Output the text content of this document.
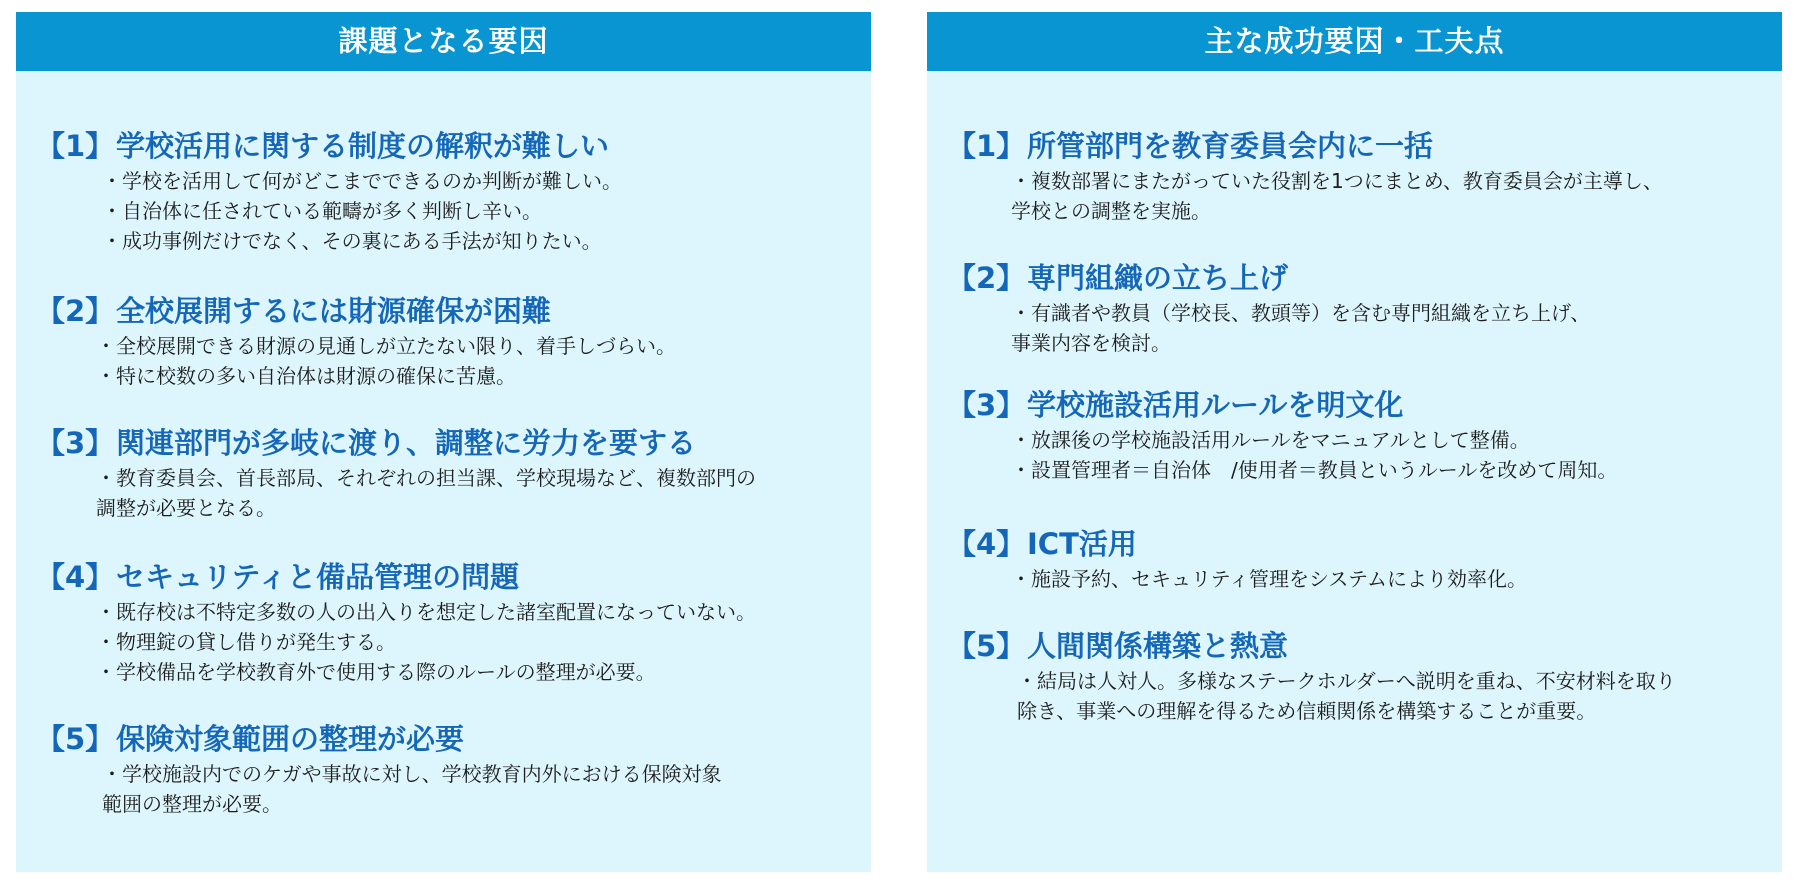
課題となる要因
【1】 学校活用に関する制度の解釈が難しい
・学校を活用して何がどこまでできるのか判断が難しい。
・自治体に任されている範疇が多く判断し辛い。
・成功事例だけでなく、その裏にある手法が知りたい。
【2】 全校展開するには財源確保が困難
・全校展開できる財源の見通しが立たない限り、着手しづらい。
・特に校数の多い自治体は財源の確保に苦慮。
【3】 関連部門が多岐に渡り、調整に労力を要する
・教育委員会、首長部局、それぞれの担当課、学校現場など、複数部門の
調整が必要となる。
【4】 セキュリティと備品管理の問題
・既存校は不特定多数の人の出入りを想定した諸室配置になっていない。
・物理錠の貸し借りが発生する。
・学校備品を学校教育外で使用する際のルールの整理が必要。
【5】 保険対象範囲の整理が必要
・学校施設内でのケガや事故に対し、学校教育内外における保険対象
範囲の整理が必要。
主な成功要因・工夫点
【1】 所管部門を教育委員会内に一括
・複数部署にまたがっていた役割を1つにまとめ、教育委員会が主導し、
学校との調整を実施。
【2】 専門組織の立ち上げ
・有識者や教員（学校長、教頭等）を含む専門組織を立ち上げ、
事業内容を検討。
【3】 学校施設活用ルールを明文化
・放課後の学校施設活用ルールをマニュアルとして整備。
・設置管理者＝自治体　/使用者＝教員というルールを改めて周知。
【4】 ICT活用
・施設予約、セキュリティ管理をシステムにより効率化。
【5】 人間関係構築と熱意
・結局は人対人。多様なステークホルダーへ説明を重ね、不安材料を取り
除き、事業への理解を得るため信頼関係を構築することが重要。
